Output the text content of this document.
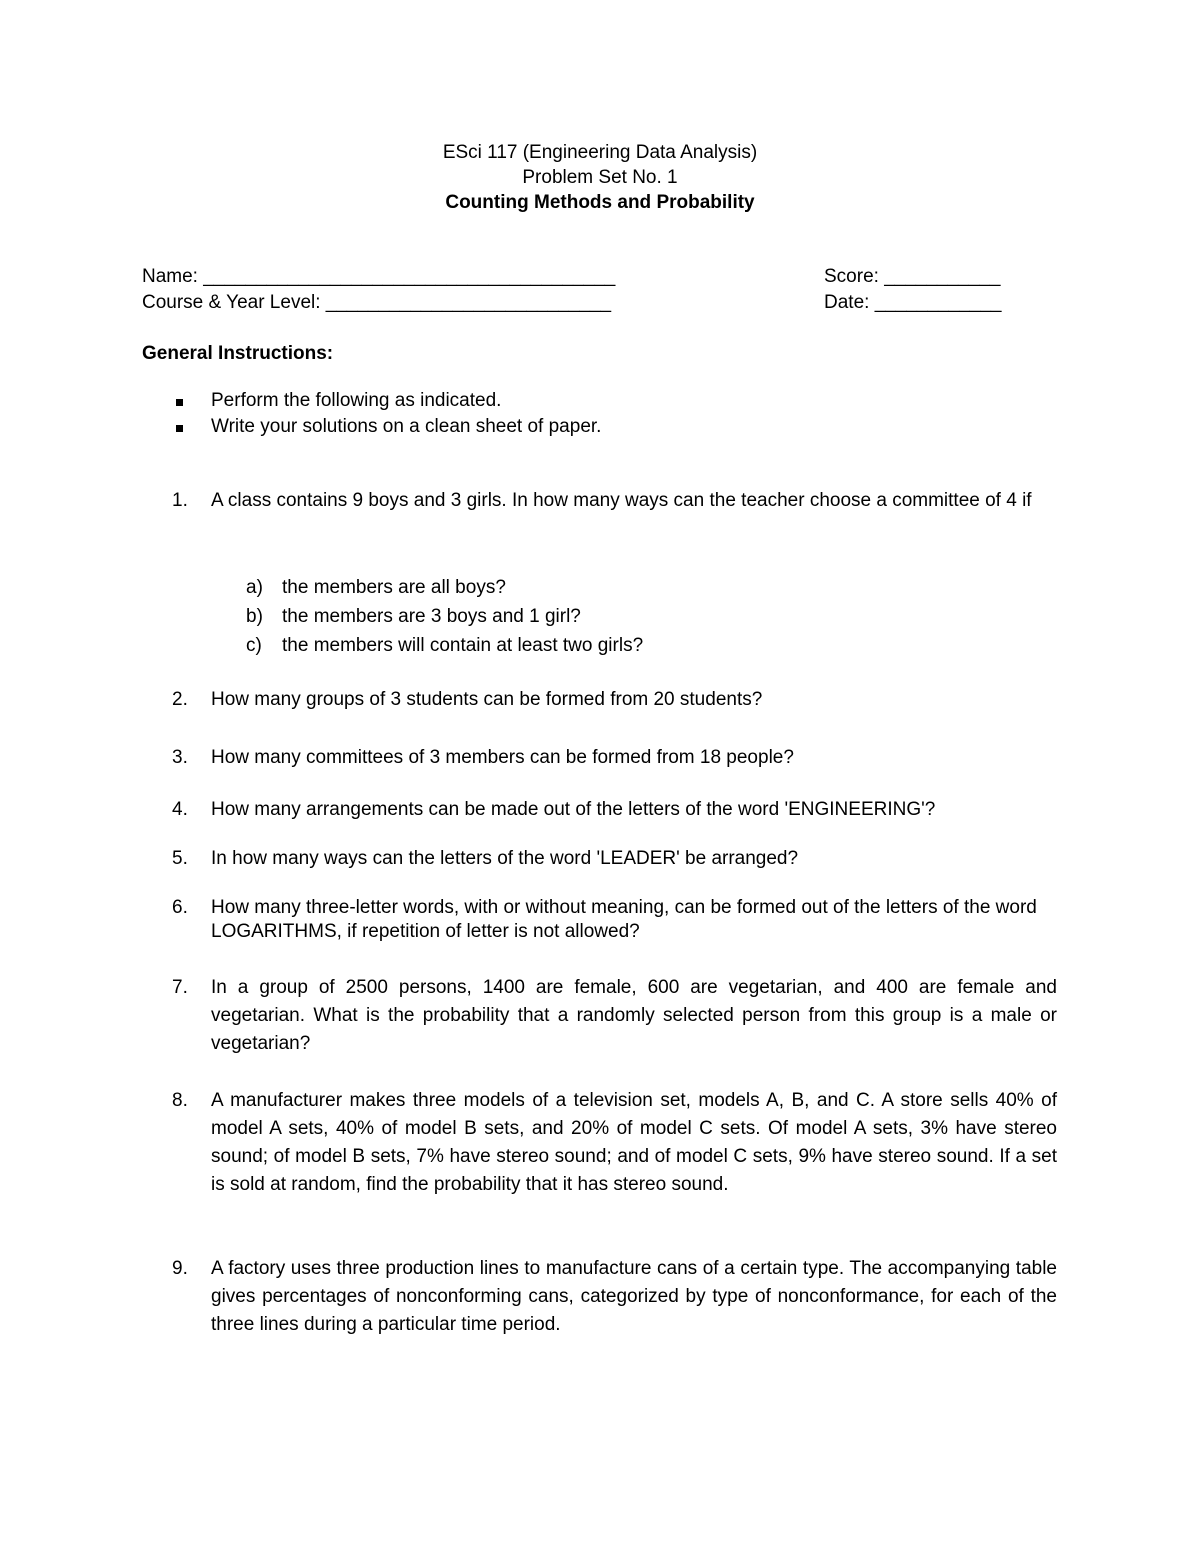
ESci 117 (Engineering Data Analysis)
Problem Set No. 1
Counting Methods and Probability
Name: _______________________________________	Score: ___________
Course & Year Level: ___________________________	Date: ____________
General Instructions:
Perform the following as indicated.
Write your solutions on a clean sheet of paper.
1.	A class contains 9 boys and 3 girls. In how many ways can the teacher choose a committee of 4 if
a) the members are all boys?
b) the members are 3 boys and 1 girl?
c) the members will contain at least two girls?
2.	How many groups of 3 students can be formed from 20 students?
3.	How many committees of 3 members can be formed from 18 people?
4.	How many arrangements can be made out of the letters of the word 'ENGINEERING'?
5.	In how many ways can the letters of the word 'LEADER' be arranged?
6.	How many three-letter words, with or without meaning, can be formed out of the letters of the word LOGARITHMS, if repetition of letter is not allowed?
7.	In a group of 2500 persons, 1400 are female, 600 are vegetarian, and 400 are female and vegetarian. What is the probability that a randomly selected person from this group is a male or vegetarian?
8.	A manufacturer makes three models of a television set, models A, B, and C. A store sells 40% of model A sets, 40% of model B sets, and 20% of model C sets. Of model A sets, 3% have stereo sound; of model B sets, 7% have stereo sound; and of model C sets, 9% have stereo sound. If a set is sold at random, find the probability that it has stereo sound.
9.	A factory uses three production lines to manufacture cans of a certain type. The accompanying table gives percentages of nonconforming cans, categorized by type of nonconformance, for each of the three lines during a particular time period.
